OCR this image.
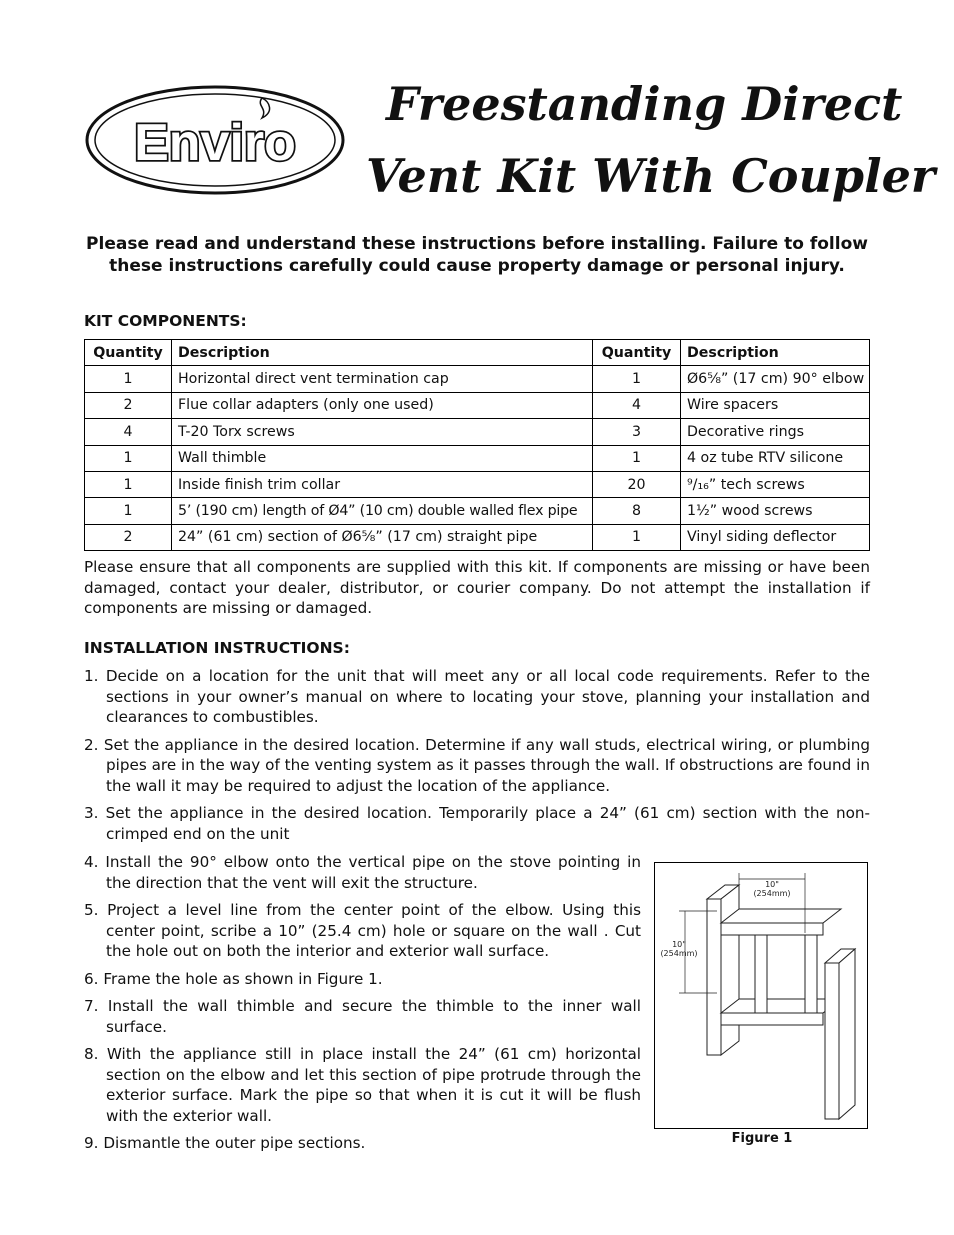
Enviro
Freestanding Direct
Vent Kit With Coupler
Please read and understand these instructions before installing. Failure to follow these instructions carefully could cause property damage or personal injury.
KIT COMPONENTS:
Quantity	Description	Quantity	Description
1	Horizontal direct vent termination cap	1	Ø6⅝” (17 cm) 90° elbow
2	Flue collar adapters (only one used)	4	Wire spacers
4	T-20 Torx screws	3	Decorative rings
1	Wall thimble	1	4 oz tube RTV silicone
1	Inside finish trim collar	20	⁹/₁₆” tech screws
1	5’ (190 cm) length of Ø4” (10 cm) double walled flex pipe	8	1½” wood screws
2	24” (61 cm) section of Ø6⅝” (17 cm) straight pipe	1	Vinyl siding deflector
Please ensure that all components are supplied with this kit. If components are missing or have been damaged, contact your dealer, distributor, or courier company. Do not attempt the installation if components are missing or damaged.
INSTALLATION INSTRUCTIONS:
1. Decide on a location for the unit that will meet any or all local code requirements. Refer to the sections in your owner’s manual on where to locating your stove, planning your installation and clearances to combustibles.
2. Set the appliance in the desired location. Determine if any wall studs, electrical wiring, or plumbing pipes are in the way of the venting system as it passes through the wall. If obstructions are found in the wall it may be required to adjust the location of the appliance.
3. Set the appliance in the desired location. Temporarily place a 24” (61 cm) section with the non-crimped end on the unit
4. Install the 90° elbow onto the vertical pipe on the stove pointing in the direction that the vent will exit the structure.
5. Project a level line from the center point of the elbow. Using this center point, scribe a 10” (25.4 cm) hole or square on the wall . Cut the hole out on both the interior and exterior wall surface.
6. Frame the hole as shown in Figure 1.
7. Install the wall thimble and secure the thimble to the inner wall surface.
8. With the appliance still in place install the 24” (61 cm) horizontal section on the elbow and let this section of pipe protrude through the exterior surface. Mark the pipe so that when it is cut it will be flush with the exterior wall.
9. Dismantle the outer pipe sections.
10"
(254mm)
10"
(254mm)
Figure 1
